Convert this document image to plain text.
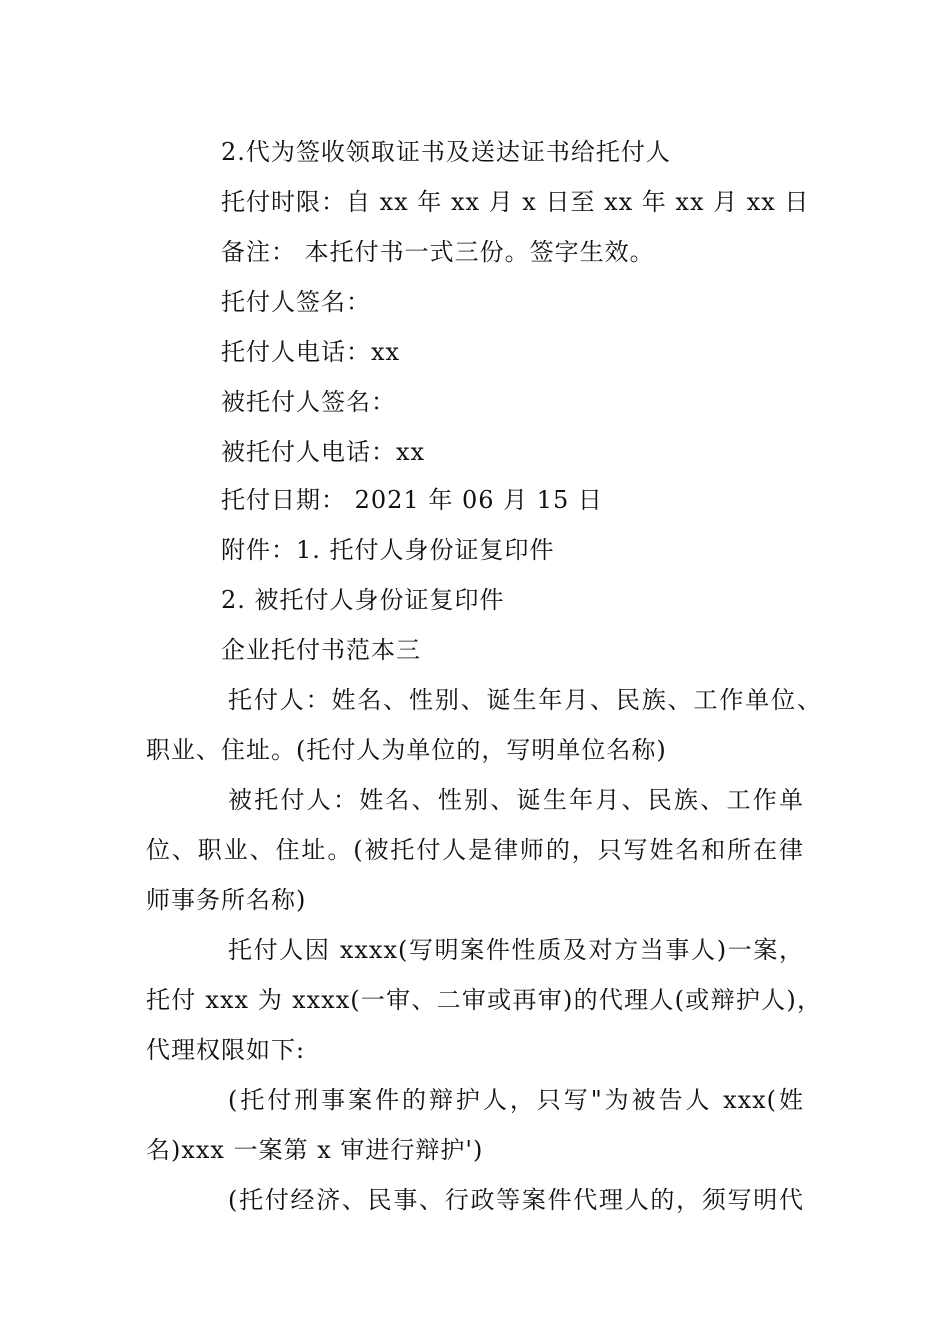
2.代为签收领取证书及送达证书给托付人
托付时限：自 xx 年 xx 月 x 日至 xx 年 xx 月 xx 日
备注： 本托付书一式三份。签字生效。
托付人签名：
托付人电话：xx
被托付人签名：
被托付人电话：xx
托付日期： 2021 年 06 月 15 日
附件：1. 托付人身份证复印件
2. 被托付人身份证复印件
企业托付书范本三
托付人：姓名、性别、诞生年月、民族、工作单位、
职业、住址。(托付人为单位的，写明单位名称)
被托付人：姓名、性别、诞生年月、民族、工作单
位、职业、住址。(被托付人是律师的，只写姓名和所在律
师事务所名称)
托付人因 xxxx(写明案件性质及对方当事人)一案，
托付 xxx 为 xxxx(一审、二审或再审)的代理人(或辩护人)，
代理权限如下:
(托付刑事案件的辩护人，只写"为被告人 xxx(姓
名)xxx 一案第 x 审进行辩护')
(托付经济、民事、行政等案件代理人的，须写明代
